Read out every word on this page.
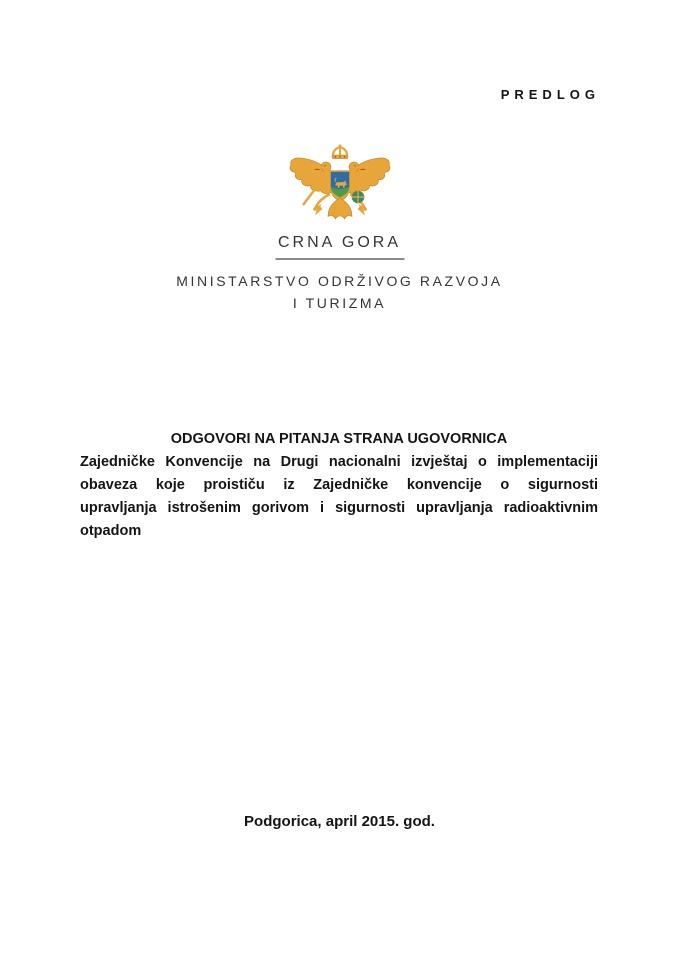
PREDLOG
CRNA GORA
MINISTARSTVO ODRŽIVOG RAZVOJA
I TURIZMA
ODGOVORI NA PITANJA STRANA UGOVORNICA
Zajedničke Konvencije na Drugi nacionalni izvještaj o implementaciji
obaveza koje proističu iz Zajedničke konvencije o sigurnosti
upravljanja istrošenim gorivom i sigurnosti upravljanja radioaktivnim
otpadom
Podgorica, april 2015. god.
